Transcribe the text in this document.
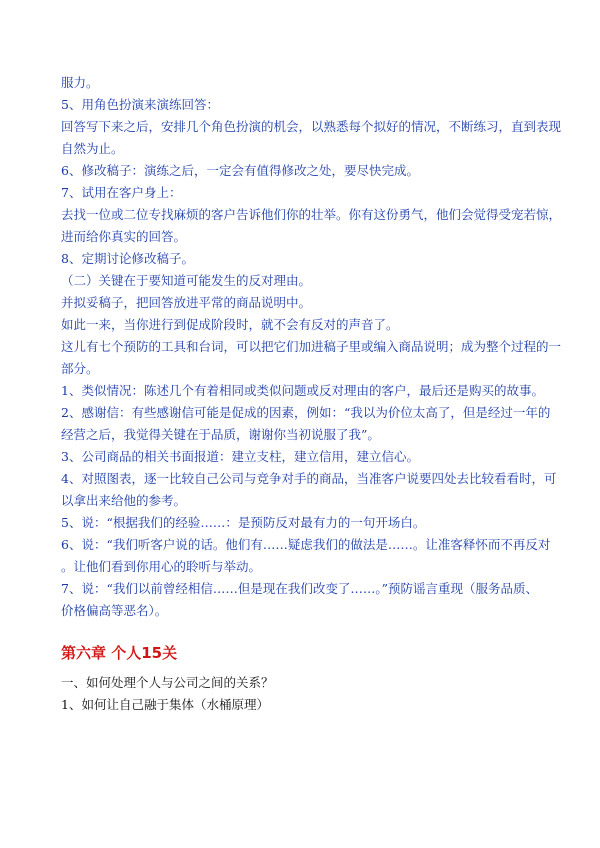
服力。
5、用角色扮演来演练回答：
回答写下来之后，安排几个角色扮演的机会，以熟悉每个拟好的情况，不断练习，直到表现
自然为止。
6、修改稿子：演练之后，一定会有值得修改之处，要尽快完成。
7、试用在客户身上：
去找一位或二位专找麻烦的客户告诉他们你的壮举。你有这份勇气，他们会觉得受宠若惊，
进而给你真实的回答。
8、定期讨论修改稿子。
（二）关键在于要知道可能发生的反对理由。
并拟妥稿子，把回答放进平常的商品说明中。
如此一来，当你进行到促成阶段时，就不会有反对的声音了。
这儿有七个预防的工具和台词，可以把它们加进稿子里或编入商品说明；成为整个过程的一
部分。
1、类似情况：陈述几个有着相同或类似问题或反对理由的客户，最后还是购买的故事。
2、感谢信：有些感谢信可能是促成的因素，例如：“我以为价位太高了，但是经过一年的
经营之后，我觉得关键在于品质，谢谢你当初说服了我”。
3、公司商品的相关书面报道：建立支柱，建立信用，建立信心。
4、对照图表，逐一比较自己公司与竞争对手的商品，当准客户说要四处去比较看看时，可
以拿出来给他的参考。
5、说：“根据我们的经验……：是预防反对最有力的一句开场白。
6、说：“我们听客户说的话。他们有……疑虑我们的做法是……。让准客释怀而不再反对
。让他们看到你用心的聆听与举动。
7、说：“我们以前曾经相信……但是现在我们改变了……。”预防谣言重现（服务品质、
价格偏高等恶名）。
第六章 个人15关
一、如何处理个人与公司之间的关系？
1、如何让自己融于集体（水桶原理）
